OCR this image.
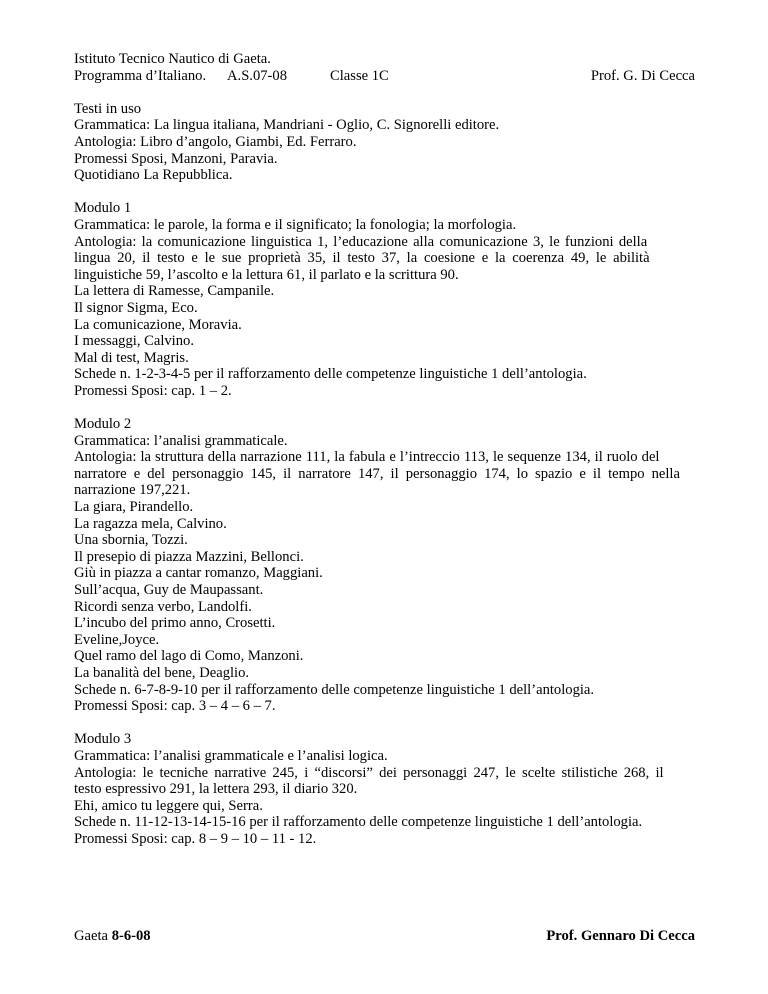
Istituto Tecnico Nautico di Gaeta.

Programma d’Italiano. A.S.07-08	Classe 1C	Prof. G. Di Cecca

Testi in uso

Grammatica: La lingua italiana, Mandriani - Oglio, C. Signorelli editore.

Antologia: Libro d’angolo, Giambi, Ed. Ferraro.

Promessi Sposi, Manzoni, Paravia.

Quotidiano La Repubblica.

Modulo 1

Grammatica: le parole, la forma e il significato; la fonologia; la morfologia.

Antologia: la comunicazione linguistica 1, l’educazione alla comunicazione 3, le funzioni della

lingua 20, il testo e le sue proprietà 35, il testo 37, la coesione e la coerenza 49, le abilità

linguistiche 59, l’ascolto e la lettura 61, il parlato e la scrittura 90.

La lettera di Ramesse, Campanile.

Il signor Sigma, Eco.

La comunicazione, Moravia.

I messaggi, Calvino.

Mal di test, Magris.

Schede n. 1-2-3-4-5 per il rafforzamento delle competenze linguistiche 1 dell’antologia.

Promessi Sposi: cap. 1 – 2.

Modulo 2

Grammatica: l’analisi grammaticale.

Antologia: la struttura della narrazione 111, la fabula e l’intreccio 113, le sequenze 134, il ruolo del

narratore e del personaggio 145, il narratore 147, il personaggio 174, lo spazio e il tempo nella

narrazione 197,221.

La giara, Pirandello.

La ragazza mela, Calvino.

Una sbornia, Tozzi.

Il presepio di piazza Mazzini, Bellonci.

Giù in piazza a cantar romanzo, Maggiani.

Sull’acqua, Guy de Maupassant.

Ricordi senza verbo, Landolfi.

L’incubo del primo anno, Crosetti.

Eveline,Joyce.

Quel ramo del lago di Como, Manzoni.

La banalità del bene, Deaglio.

Schede n. 6-7-8-9-10 per il rafforzamento delle competenze linguistiche 1 dell’antologia.

Promessi Sposi: cap. 3 – 4 – 6 – 7.

Modulo 3

Grammatica: l’analisi grammaticale e l’analisi logica.

Antologia: le tecniche narrative 245, i “discorsi” dei personaggi 247, le scelte stilistiche 268, il

testo espressivo 291, la lettera 293, il diario 320.

Ehi, amico tu leggere qui, Serra.

Schede n. 11-12-13-14-15-16 per il rafforzamento delle competenze linguistiche 1 dell’antologia.

Promessi Sposi: cap. 8 – 9 – 10 – 11 - 12.

Gaeta 8-6-08	Prof. Gennaro Di Cecca
